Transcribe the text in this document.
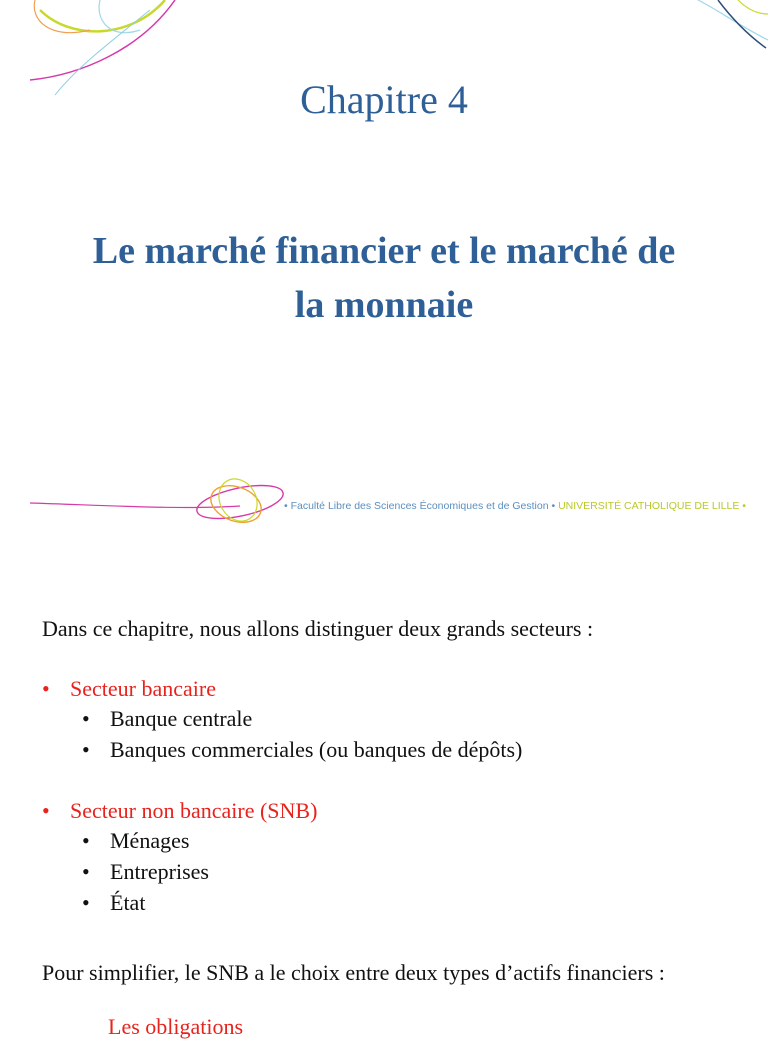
Chapitre 4
Le marché financier et le marché de
la monnaie
• Faculté Libre des Sciences Économiques et de Gestion • UNIVERSITÉ CATHOLIQUE DE LILLE •
Dans ce chapitre, nous allons distinguer deux grands secteurs :
• Secteur bancaire
• Banque centrale
• Banques commerciales (ou banques de dépôts)
• Secteur non bancaire (SNB)
• Ménages
• Entreprises
• État
Pour simplifier, le SNB a le choix entre deux types d’actifs financiers :
Les obligations
